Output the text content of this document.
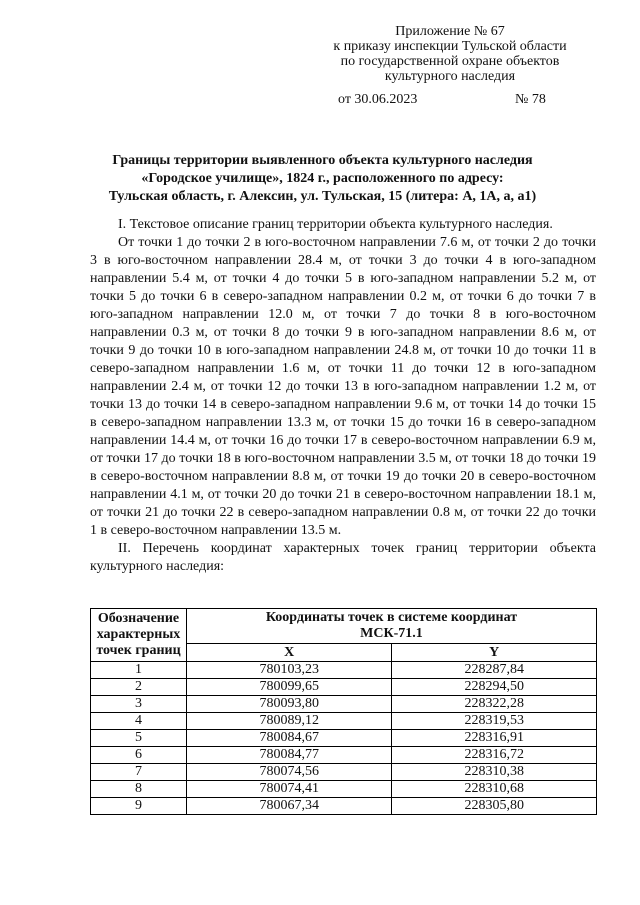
Приложение № 67
к приказу инспекции Тульской области
по государственной охране объектов
культурного наследия
от 30.06.2023	№ 78
Границы территории выявленного объекта культурного наследия
«Городское училище», 1824 г., расположенного по адресу:
Тульская область, г. Алексин, ул. Тульская, 15 (литера: А, 1А, а, а1)

I. Текстовое описание границ территории объекта культурного наследия.

От точки 1 до точки 2 в юго-восточном направлении 7.6 м, от точки 2 до точки 3 в юго-восточном направлении 28.4 м, от точки 3 до точки 4 в юго-западном направлении 5.4 м, от точки 4 до точки 5 в юго-западном направлении 5.2 м, от точки 5 до точки 6 в северо-западном направлении 0.2 м, от точки 6 до точки 7 в юго-западном направлении 12.0 м, от точки 7 до точки 8 в юго-восточном направлении 0.3 м, от точки 8 до точки 9 в юго-западном направлении 8.6 м, от точки 9 до точки 10 в юго-западном направлении 24.8 м, от точки 10 до точки 11 в северо-западном направлении 1.6 м, от точки 11 до точки 12 в юго-западном направлении 2.4 м, от точки 12 до точки 13 в юго-западном направлении 1.2 м, от точки 13 до точки 14 в северо-западном направлении 9.6 м, от точки 14 до точки 15 в северо-западном направлении 13.3 м, от точки 15 до точки 16 в северо-западном направлении 14.4 м, от точки 16 до точки 17 в северо-восточном направлении 6.9 м, от точки 17 до точки 18 в юго-восточном направлении 3.5 м, от точки 18 до точки 19 в северо-восточном направлении 8.8 м, от точки 19 до точки 20 в северо-восточном направлении 4.1 м, от точки 20 до точки 21 в северо-восточном направлении 18.1 м, от точки 21 до точки 22 в северо-западном направлении 0.8 м, от точки 22 до точки 1 в северо-восточном направлении 13.5 м.

II. Перечень координат характерных точек границ территории объекта культурного наследия:

Обозначение характерных точек границ	Координаты точек в системе координат
МСК-71.1	

	X	Y
1	780103,23	228287,84
2	780099,65	228294,50
3	780093,80	228322,28
4	780089,12	228319,53
5	780084,67	228316,91
6	780084,77	228316,72
7	780074,56	228310,38
8	780074,41	228310,68
9	780067,34	228305,80
